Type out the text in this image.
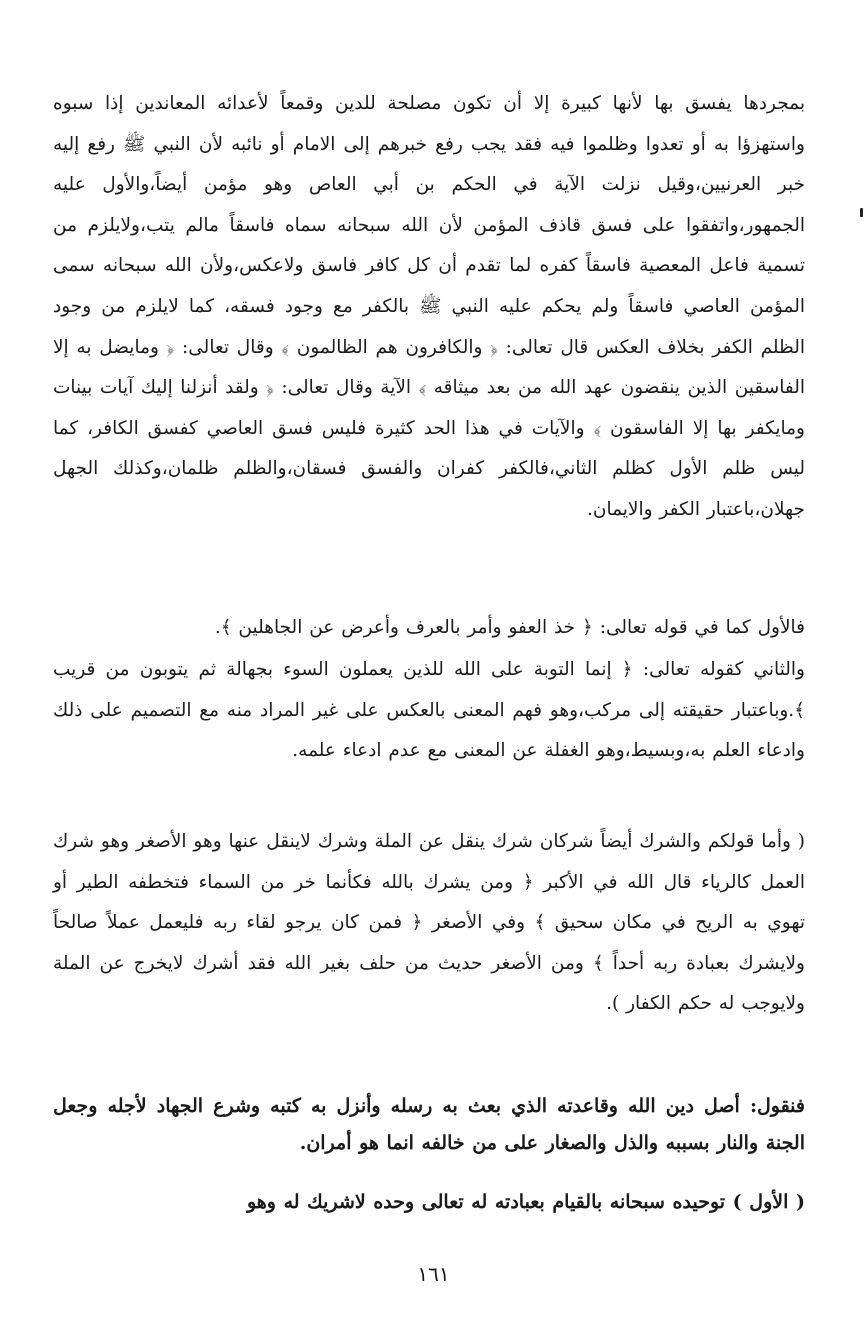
بمجردها يفسق بها لأنها كبيرة إلا أن تكون مصلحة للدين وقمعاً لأعدائه المعاندين إذا سبوه واستهزؤا به أو تعدوا وظلموا فيه فقد يجب رفع خبرهم إلى الامام أو نائبه لأن النبي ﷺ رفع إليه خبر العرنيين،وقيل نزلت الآية في الحكم بن أبي العاص وهو مؤمن أيضاً،والأول عليه الجمهور،واتفقوا على فسق قاذف المؤمن لأن الله سبحانه سماه فاسقاً مالم يتب،ولايلزم من تسمية فاعل المعصية فاسقاً كفره لما تقدم أن كل كافر فاسق ولاعكس،ولأن الله سبحانه سمى المؤمن العاصي فاسقاً ولم يحكم عليه النبي ﷺ بالكفر مع وجود فسقه، كما لايلزم من وجود الظلم الكفر بخلاف العكس قال تعالى: ﴿ والكافرون هم الظالمون ﴾ وقال تعالى: ﴿ ومايضل به إلا الفاسقين الذين ينقضون عهد الله من بعد ميثاقه ﴾ الآية وقال تعالى: ﴿ ولقد أنزلنا إليك آيات بينات ومايكفر بها إلا الفاسقون ﴾ والآيات في هذا الحد كثيرة فليس فسق العاصي كفسق الكافر، كما ليس ظلم الأول كظلم الثاني،فالكفر كفران والفسق فسقان،والظلم ظلمان،وكذلك الجهل جهلان،باعتبار الكفر والايمان.

فالأول كما في قوله تعالى: ﴿ خذ العفو وأمر بالعرف وأعرض عن الجاهلين ﴾.

والثاني كقوله تعالى: ﴿ إنما التوبة على الله للذين يعملون السوء بجهالة ثم يتوبون من قريب ﴾.وباعتبار حقيقته إلى مركب،وهو فهم المعنى بالعكس على غير المراد منه مع التصميم على ذلك وادعاء العلم به،وبسيط،وهو الغفلة عن المعنى مع عدم ادعاء علمه.

( وأما قولكم والشرك أيضاً شركان شرك ينقل عن الملة وشرك لاينقل عنها وهو الأصغر وهو شرك العمل كالرياء قال الله في الأكبر ﴿ ومن يشرك بالله فكأنما خر من السماء فتخطفه الطير أو تهوي به الريح في مكان سحيق ﴾ وفي الأصغر ﴿ فمن كان يرجو لقاء ربه فليعمل عملاً صالحاً ولايشرك بعبادة ربه أحداً ﴾ ومن الأصغر حديث من حلف بغير الله فقد أشرك لايخرج عن الملة ولايوجب له حكم الكفار ).

فنقول: أصل دين الله وقاعدته الذي بعث به رسله وأنزل به كتبه وشرع الجهاد لأجله وجعل الجنة والنار بسببه والذل والصغار على من خالفه انما هو أمران.

( الأول ) توحيده سبحانه بالقيام بعبادته له تعالى وحده لاشريك له وهو

١٦١
